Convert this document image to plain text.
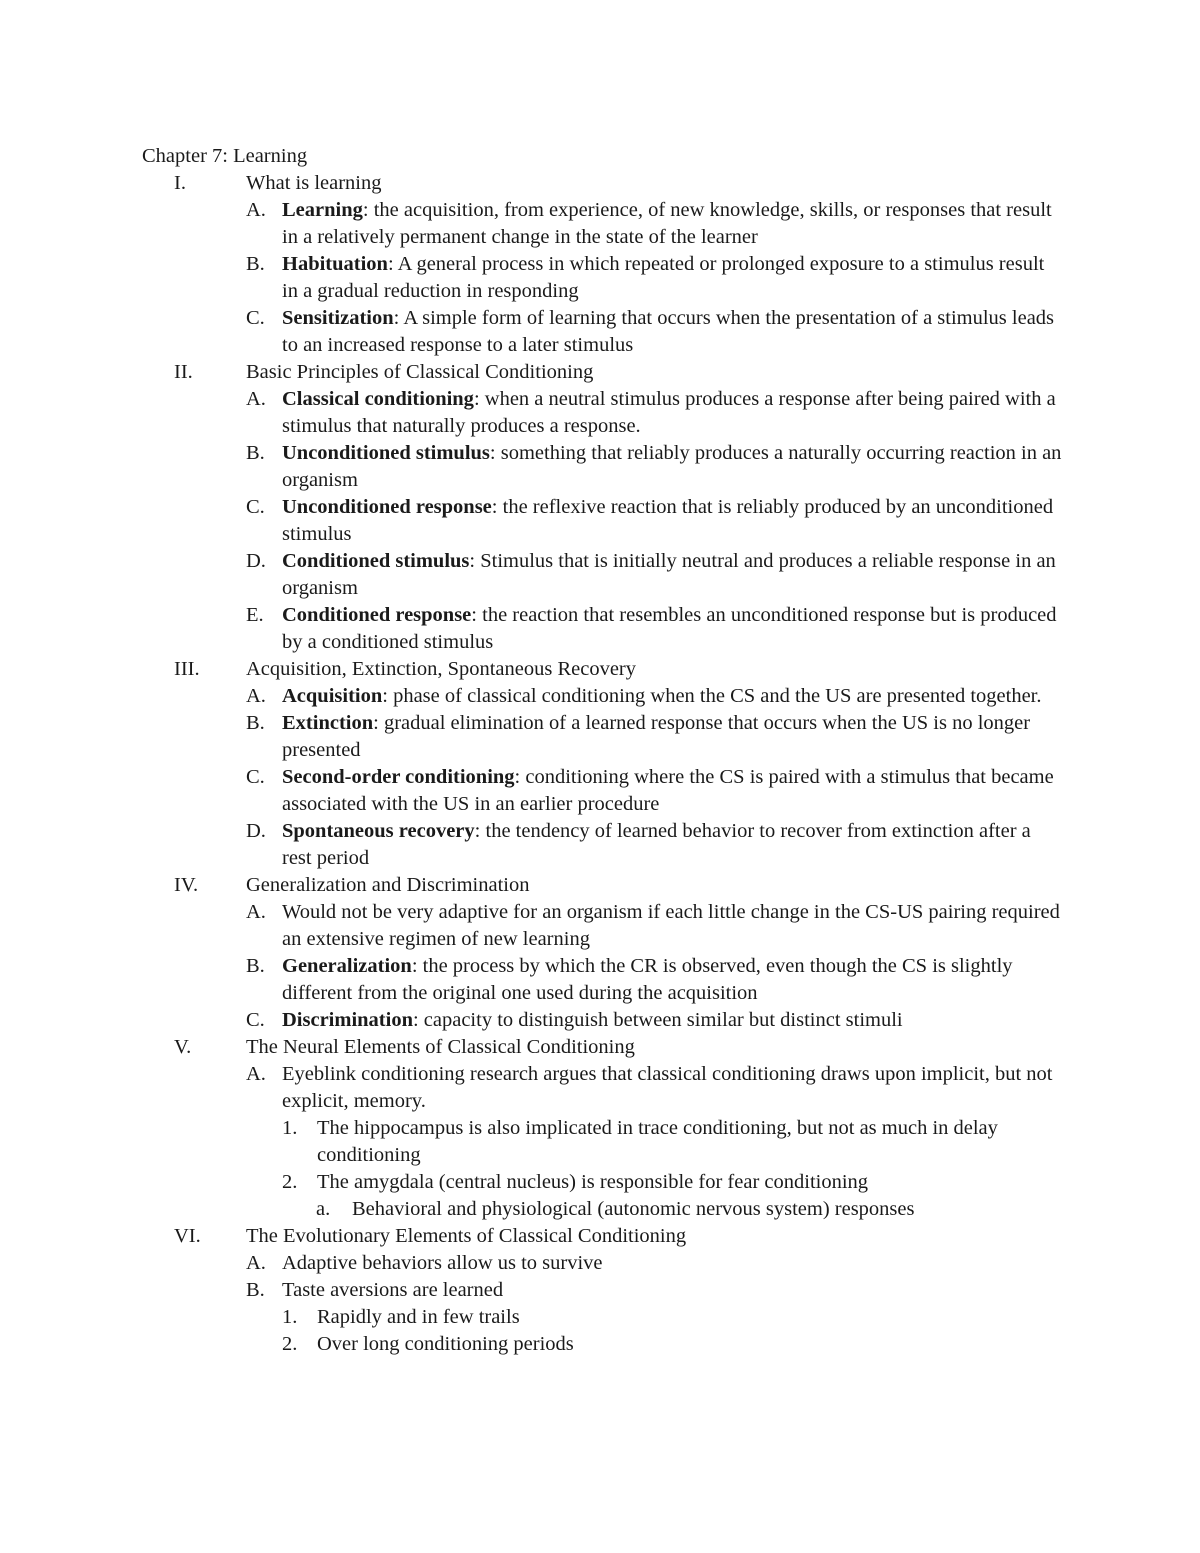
Chapter 7: Learning
I.	What is learning
A. Learning: the acquisition, from experience, of new knowledge, skills, or responses that result in a relatively permanent change in the state of the learner
B. Habituation: A general process in which repeated or prolonged exposure to a stimulus result in a gradual reduction in responding
C. Sensitization: A simple form of learning that occurs when the presentation of a stimulus leads to an increased response to a later stimulus
II.	Basic Principles of Classical Conditioning
A. Classical conditioning: when a neutral stimulus produces a response after being paired with a stimulus that naturally produces a response.
B. Unconditioned stimulus: something that reliably produces a naturally occurring reaction in an organism
C. Unconditioned response: the reflexive reaction that is reliably produced by an unconditioned stimulus
D. Conditioned stimulus: Stimulus that is initially neutral and produces a reliable response in an organism
E. Conditioned response: the reaction that resembles an unconditioned response but is produced by a conditioned stimulus
III. Acquisition, Extinction, Spontaneous Recovery
A. Acquisition: phase of classical conditioning when the CS and the US are presented together.
B. Extinction: gradual elimination of a learned response that occurs when the US is no longer presented
C. Second-order conditioning: conditioning where the CS is paired with a stimulus that became associated with the US in an earlier procedure
D. Spontaneous recovery: the tendency of learned behavior to recover from extinction after a rest period
IV. Generalization and Discrimination
A. Would not be very adaptive for an organism if each little change in the CS-US pairing required an extensive regimen of new learning
B. Generalization: the process by which the CR is observed, even though the CS is slightly different from the original one used during the acquisition
C. Discrimination: capacity to distinguish between similar but distinct stimuli
V.	The Neural Elements of Classical Conditioning
A. Eyeblink conditioning research argues that classical conditioning draws upon implicit, but not explicit, memory.
1. The hippocampus is also implicated in trace conditioning, but not as much in delay conditioning
2. The amygdala (central nucleus) is responsible for fear conditioning
a. Behavioral and physiological (autonomic nervous system) responses
VI. The Evolutionary Elements of Classical Conditioning
A. Adaptive behaviors allow us to survive
B. Taste aversions are learned
1. Rapidly and in few trails
2. Over long conditioning periods
